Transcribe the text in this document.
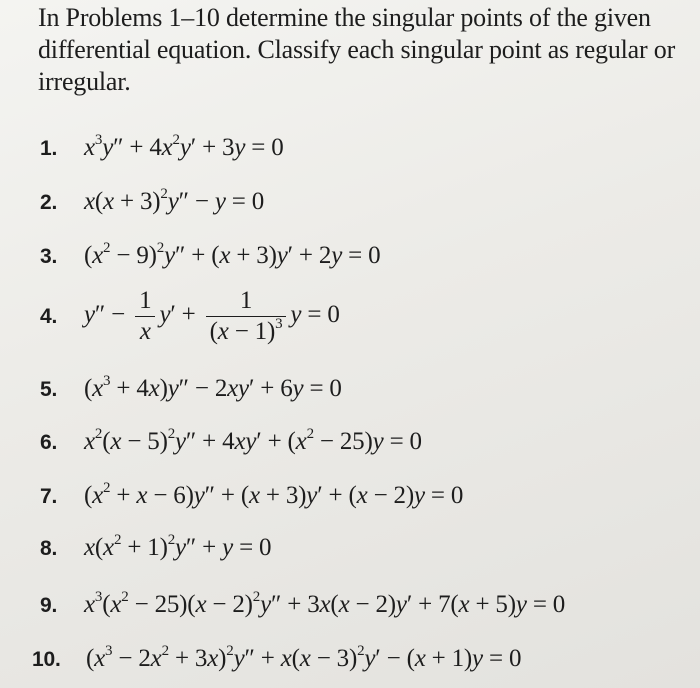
In Problems 1–10 determine the singular points of the given differential equation. Classify each singular point as regular or irregular.
1. $x^3y'' + 4x^2y' + 3y = 0$
2. $x(x + 3)^2y'' - y = 0$
3. $(x^2 - 9)^2y'' + (x + 3)y' + 2y = 0$
4. $y'' - \frac{1}{x} y' + \frac{1}{(x - 1)^3}$ y = 0
5. $(x^3 + 4x)y'' - 2xy' + 6y = 0$
6. $x^2(x - 5)^2y'' + 4xy' + (x^2 - 25)y = 0$
7. $(x^2 + x - 6)y'' + (x + 3)y' + (x - 2)y = 0$
8. $x(x^2 + 1)^2y'' + y = 0$
9. $x^3(x^2 - 25)(x - 2)^2y'' + 3x(x - 2)y' + 7(x + 5)y = 0$
10. $(x^3 - 2x^2 + 3x)^2y'' + x(x - 3)^2y' - (x + 1)y = 0$
